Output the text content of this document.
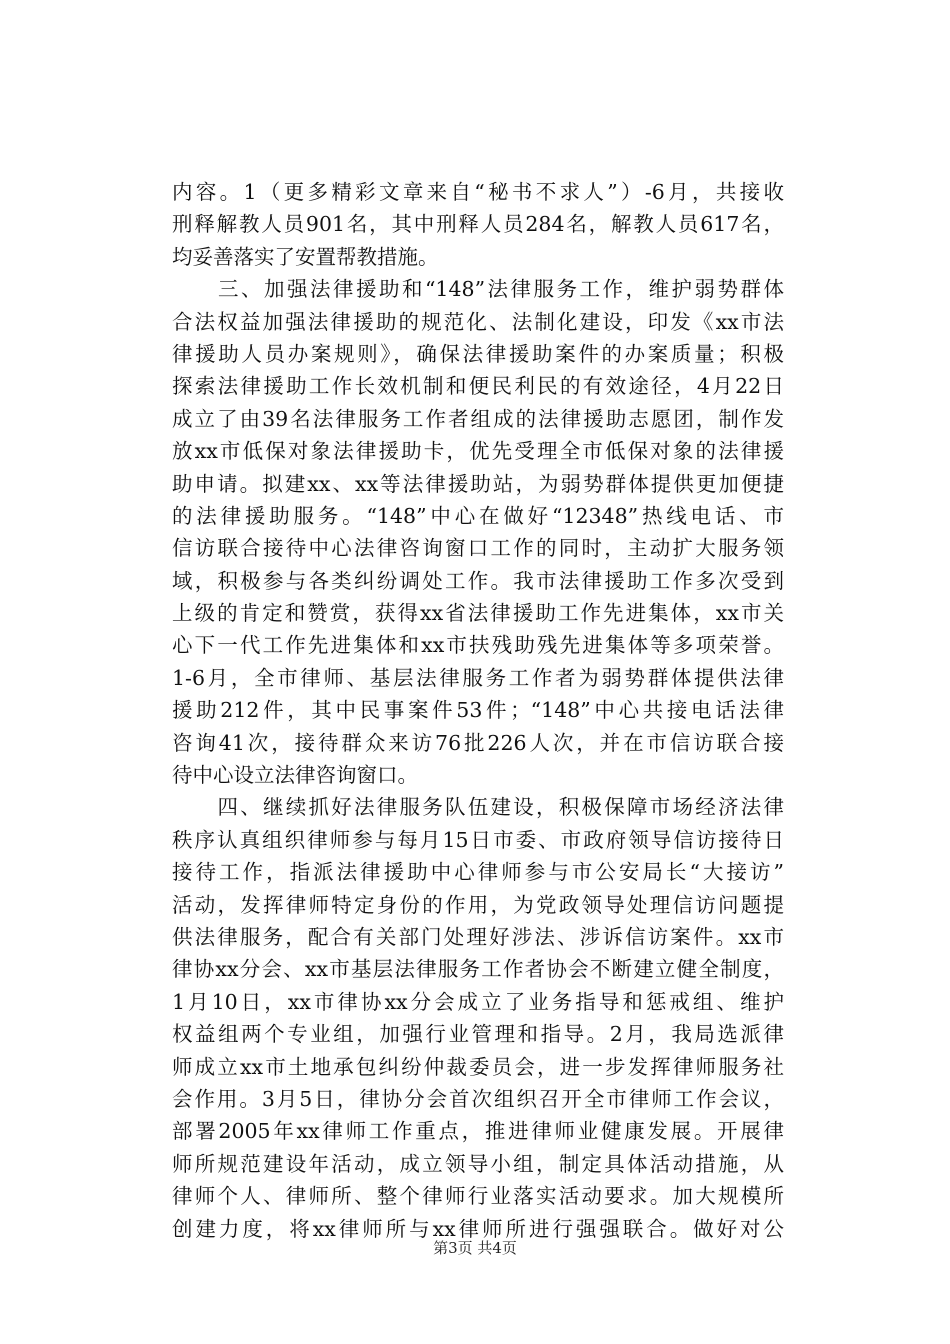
内容。1（更多精彩文章来自“秘书不求人”）-6月，共接收
刑释解教人员901名，其中刑释人员284名，解教人员617名，
均妥善落实了安置帮教措施。
　　三、加强法律援助和“148”法律服务工作，维护弱势群体
合法权益加强法律援助的规范化、法制化建设，印发《xx市法
律援助人员办案规则》，确保法律援助案件的办案质量；积极
探索法律援助工作长效机制和便民利民的有效途径，4月22日
成立了由39名法律服务工作者组成的法律援助志愿团，制作发
放xx市低保对象法律援助卡，优先受理全市低保对象的法律援
助申请。拟建xx、xx等法律援助站，为弱势群体提供更加便捷
的法律援助服务。“148”中心在做好“12348”热线电话、市
信访联合接待中心法律咨询窗口工作的同时，主动扩大服务领
域，积极参与各类纠纷调处工作。我市法律援助工作多次受到
上级的肯定和赞赏，获得xx省法律援助工作先进集体，xx市关
心下一代工作先进集体和xx市扶残助残先进集体等多项荣誉。
1-6月，全市律师、基层法律服务工作者为弱势群体提供法律
援助212件，其中民事案件53件；“148”中心共接电话法律
咨询41次，接待群众来访76批226人次，并在市信访联合接
待中心设立法律咨询窗口。
　　四、继续抓好法律服务队伍建设，积极保障市场经济法律
秩序认真组织律师参与每月15日市委、市政府领导信访接待日
接待工作，指派法律援助中心律师参与市公安局长“大接访”
活动，发挥律师特定身份的作用，为党政领导处理信访问题提
供法律服务，配合有关部门处理好涉法、涉诉信访案件。xx市
律协xx分会、xx市基层法律服务工作者协会不断建立健全制度，
1月10日，xx市律协xx分会成立了业务指导和惩戒组、维护
权益组两个专业组，加强行业管理和指导。2月，我局选派律
师成立xx市土地承包纠纷仲裁委员会，进一步发挥律师服务社
会作用。3月5日，律协分会首次组织召开全市律师工作会议，
部署2005年xx律师工作重点，推进律师业健康发展。开展律
师所规范建设年活动，成立领导小组，制定具体活动措施，从
律师个人、律师所、整个律师行业落实活动要求。加大规模所
创建力度，将xx律师所与xx律师所进行强强联合。做好对公
第3页 共4页
